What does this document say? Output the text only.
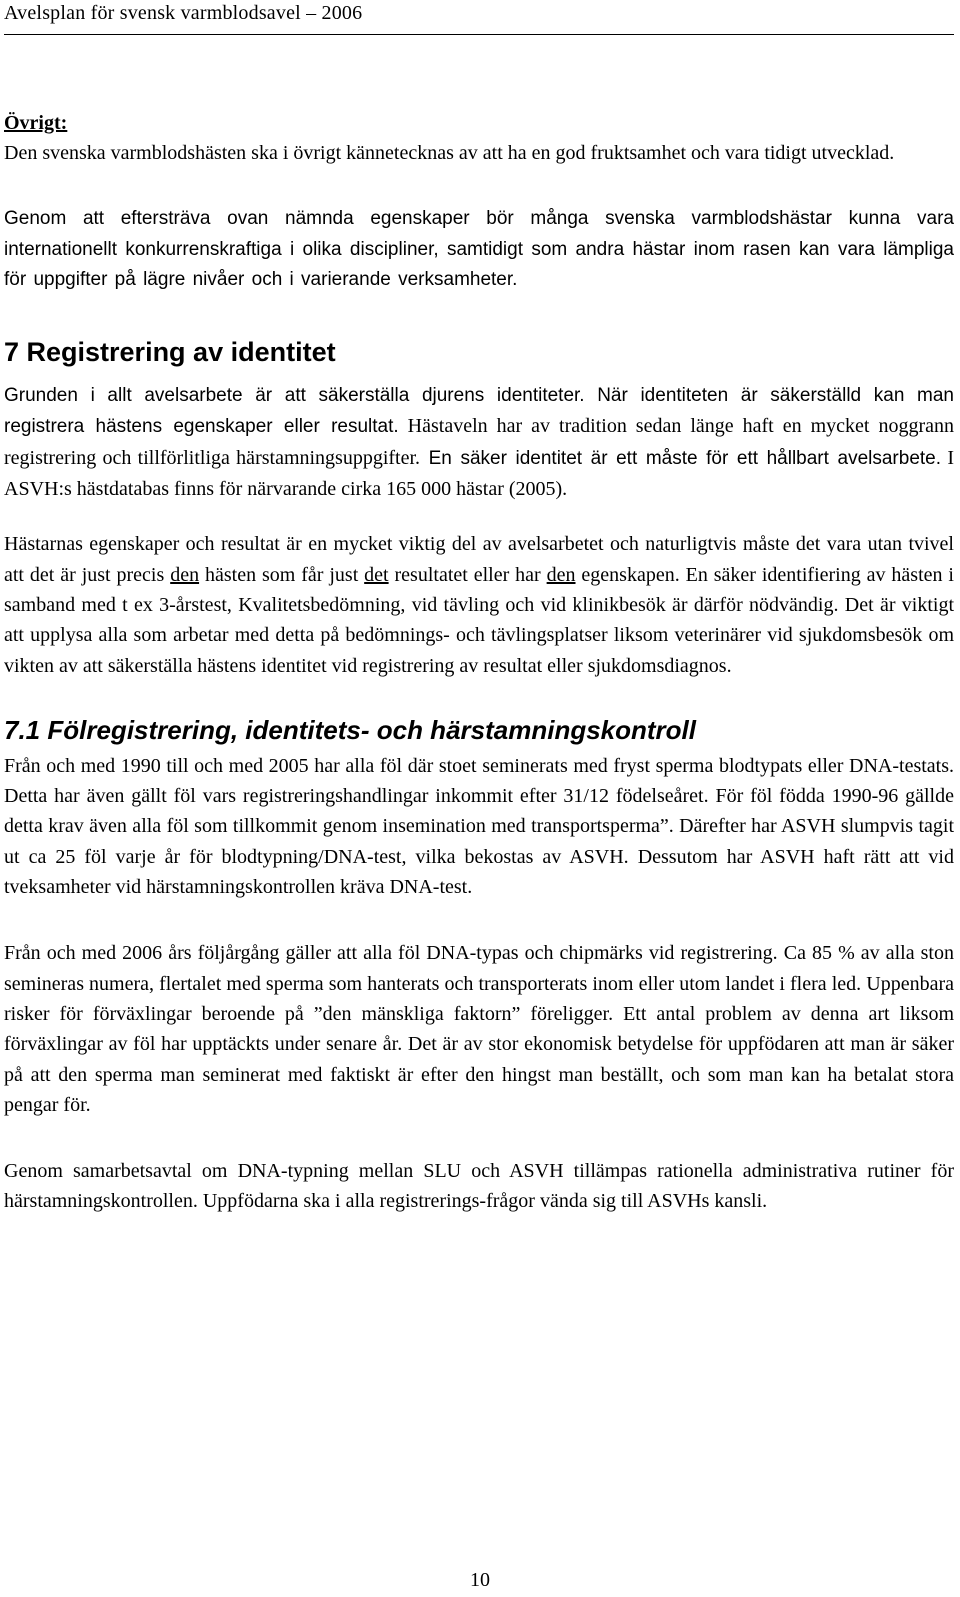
Avelsplan för svensk varmblodsavel – 2006
Övrigt:

Den svenska varmblodshästen ska i övrigt kännetecknas av att ha en god fruktsamhet och vara tidigt utvecklad.

Genom att eftersträva ovan nämnda egenskaper bör många svenska varmblodshästar kunna vara internationellt konkurrenskraftiga i olika discipliner, samtidigt som andra hästar inom rasen kan vara lämpliga för uppgifter på lägre nivåer och i varierande verksamheter.

7 Registrering av identitet

Grunden i allt avelsarbete är att säkerställa djurens identiteter. När identiteten är säkerställd kan man registrera hästens egenskaper eller resultat. Hästaveln har av tradition sedan länge haft en mycket noggrann registrering och tillförlitliga härstamningsuppgifter. En säker identitet är ett måste för ett hållbart avelsarbete. I ASVH:s hästdatabas finns för närvarande cirka 165 000 hästar (2005).

Hästarnas egenskaper och resultat är en mycket viktig del av avelsarbetet och naturligtvis måste det vara utan tvivel att det är just precis den hästen som får just det resultatet eller har den egenskapen. En säker identifiering av hästen i samband med t ex 3-årstest, Kvalitetsbedömning, vid tävling och vid klinikbesök är därför nödvändig. Det är viktigt att upplysa alla som arbetar med detta på bedömnings- och tävlingsplatser liksom veterinärer vid sjukdomsbesök om vikten av att säkerställa hästens identitet vid registrering av resultat eller sjukdomsdiagnos.

7.1 Fölregistrering, identitets- och härstamningskontroll

Från och med 1990 till och med 2005 har alla föl där stoet seminerats med fryst sperma blodtypats eller DNA-testats. Detta har även gällt föl vars registreringshandlingar inkommit efter 31/12 födelseåret. För föl födda 1990-96 gällde detta krav även alla föl som tillkommit genom insemination med transportsperma”. Därefter har ASVH slumpvis tagit ut ca 25 föl varje år för blodtypning/DNA-test, vilka bekostas av ASVH. Dessutom har ASVH haft rätt att vid tveksamheter vid härstamningskontrollen kräva DNA-test.

Från och med 2006 års följårgång gäller att alla föl DNA-typas och chipmärks vid registrering. Ca 85 % av alla ston semineras numera, flertalet med sperma som hanterats och transporterats inom eller utom landet i flera led. Uppenbara risker för förväxlingar beroende på ”den mänskliga faktorn” föreligger. Ett antal problem av denna art liksom förväxlingar av föl har upptäckts under senare år. Det är av stor ekonomisk betydelse för uppfödaren att man är säker på att den sperma man seminerat med faktiskt är efter den hingst man beställt, och som man kan ha betalat stora pengar för.

Genom samarbetsavtal om DNA-typning mellan SLU och ASVH tillämpas rationella administrativa rutiner för härstamningskontrollen. Uppfödarna ska i alla registrerings-frågor vända sig till ASVHs kansli.

10
